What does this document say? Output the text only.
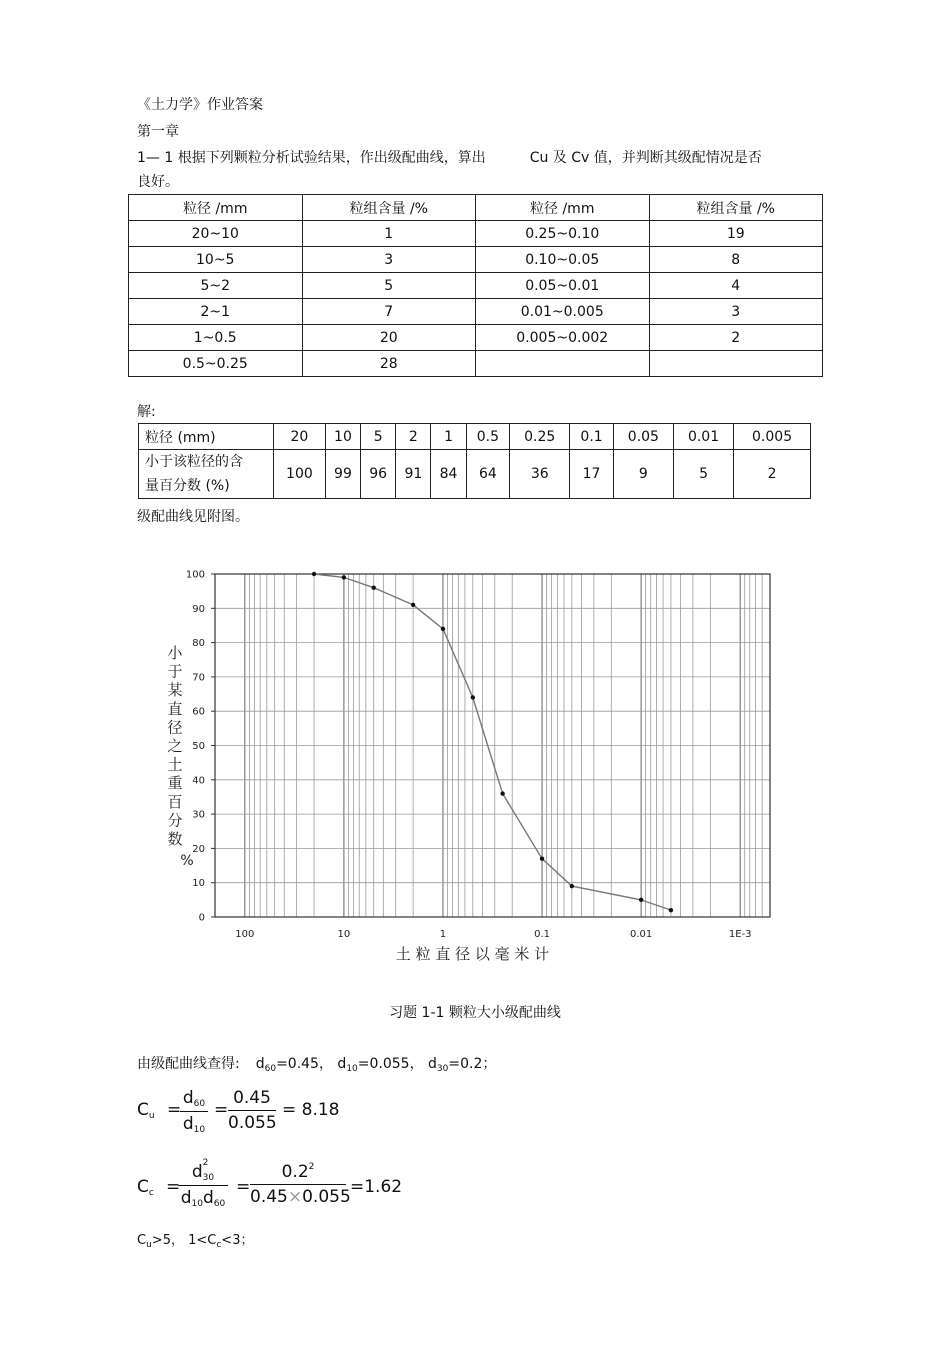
《土力学》作业答案
第一章
1— 1 根据下列颗粒分析试验结果，作出级配曲线，算出	Cu 及 Cv 值，并判断其级配情况是否
良好。
粒径 /mm	粒组含量 /%	粒径 /mm	粒组含量 /%
20~10	1	0.25~0.10	19
10~5	3	0.10~0.05	8
5~2	5	0.05~0.01	4
2~1	7	0.01~0.005	3
1~0.5	20	0.005~0.002	2
0.5~0.25	28		
解:
粒径 (mm)	20	10	5	2	1	0.5	0.25	0.1	0.05	0.01	0.005
小于该粒径的含
量百分数 (%)	100	99	96	91	84	64	36	17	9	5	2
级配曲线见附图。
0
10
20
30
40
50
60
70
80
90
100
100	10	1	0.1	0.01	1E-3
土 粒 直 径 以 毫 米 计
小
于
某
直
径
之
土
重
百
分
数
%
习题 1-1 颗粒大小级配曲线
由级配曲线查得: $d_{60}=0.45$， $d_{10}=0.055$， $d_{30}=0.2$；
$C_u$ =
$d_{60}$
$d_{10}$
=
0.45
0.055
= 8.18
$C_c$ =
d 2
$_{30}$
$d_{10}d_{60}$
=
$0.2^2$
0.45×0.055 =1.62
$C_u>5$， $1<C_c<3$；
